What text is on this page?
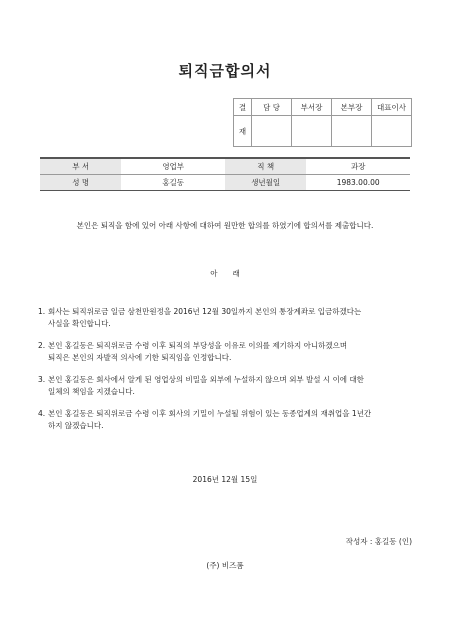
퇴직금합의서
결	담 당	부서장	본부장	대표이사
재				
부 서	영업부	직 책	과장
성 명	홍길동	생년월일	1983.00.00
본인은 퇴직을 함에 있어 아래 사항에 대하여 원만한 합의를 하였기에 합의서를 제출합니다.
아　　래
1. 회사는 퇴직위로금 일금 삼천만원정을 2016년 12월 30일까지 본인의 통장계좌로 입금하겠다는
사실을 확인합니다.
2. 본인 홍길동은 퇴직위로금 수령 이후 퇴직의 부당성을 이유로 이의를 제기하지 아니하겠으며
퇴직은 본인의 자발적 의사에 기한 퇴직임을 인정합니다.
3. 본인 홍길동은 회사에서 알게 된 영업상의 비밀을 외부에 누설하지 않으며 외부 발설 시 이에 대한
일체의 책임을 지겠습니다.
4. 본인 홍길동은 퇴직위로금 수령 이후 회사의 기밀이 누설될 위험이 있는 동종업계의 재취업을 1년간
하지 않겠습니다.
2016년 12월 15일
작성자 : 홍길동 (인)
(주) 비즈폼
